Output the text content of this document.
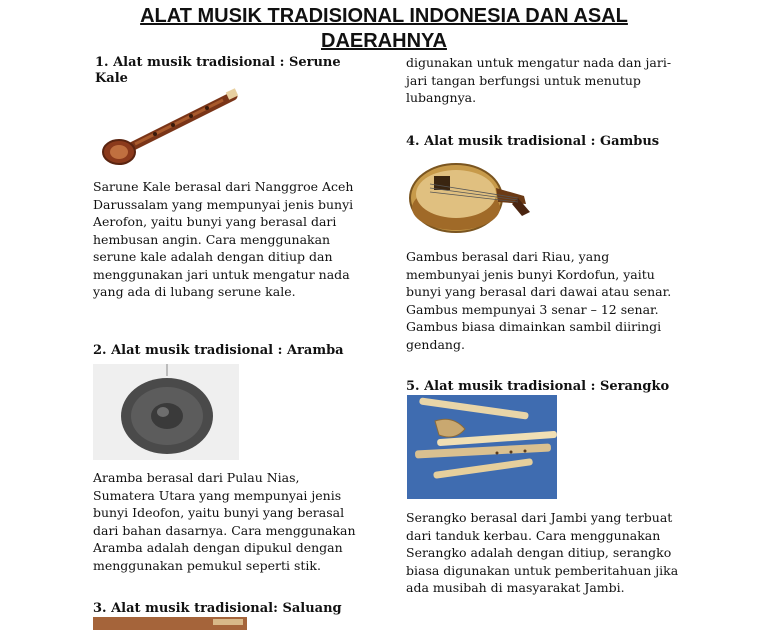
ALAT MUSIK TRADISIONAL INDONESIA DAN ASAL DAERAHNYA
1. Alat musik tradisional : Serune Kale

Sarune Kale berasal dari Nanggroe Aceh Darussalam yang mempunyai jenis bunyi Aerofon, yaitu bunyi yang berasal dari hembusan angin. Cara menggunakan serune kale adalah dengan ditiup dan menggunakan jari untuk mengatur nada yang ada di lubang serune kale.

2. Alat musik tradisional : Aramba

Aramba berasal dari Pulau Nias, Sumatera Utara yang mempunyai jenis bunyi Ideofon, yaitu bunyi yang berasal dari bahan dasarnya. Cara menggunakan Aramba adalah dengan dipukul dengan menggunakan pemukul seperti stik.

3. Alat musik tradisional: Saluang

digunakan untuk mengatur nada dan jari-jari tangan berfungsi untuk menutup lubangnya.

4. Alat musik tradisional : Gambus

Gambus berasal dari Riau, yang membunyai jenis bunyi Kordofun, yaitu bunyi yang berasal dari dawai atau senar. Gambus mempunyai 3 senar – 12 senar. Gambus biasa dimainkan sambil diiringi gendang.

5. Alat musik tradisional : Serangko

Serangko berasal dari Jambi yang terbuat dari tanduk kerbau. Cara menggunakan Serangko adalah dengan ditiup, serangko biasa digunakan untuk pemberitahuan jika ada musibah di masyarakat Jambi.
